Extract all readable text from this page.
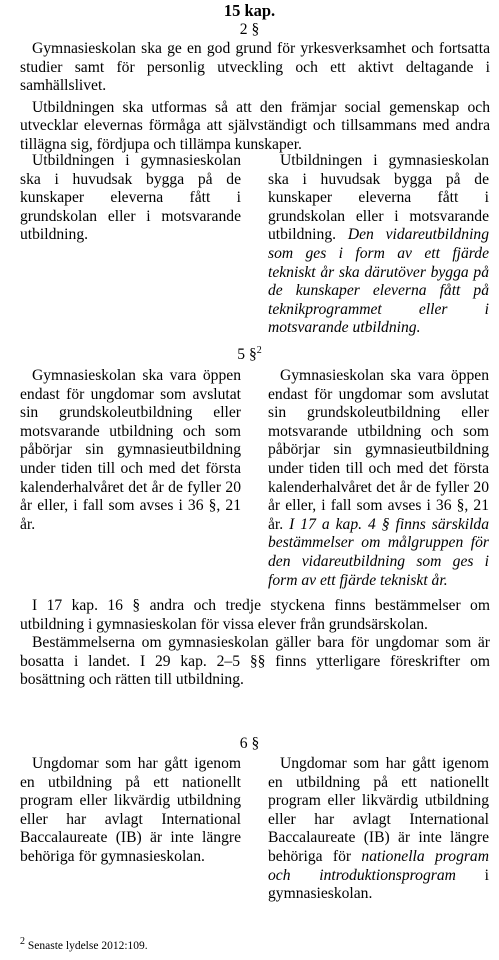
15 kap.
2 §

Gymnasieskolan ska ge en god grund för yrkesverksamhet och fortsatta studier samt för personlig utveckling och ett aktivt deltagande i samhällslivet.

Utbildningen ska utformas så att den främjar social gemenskap och utvecklar elevernas förmåga att självständigt och tillsammans med andra tillägna sig, fördjupa och tillämpa kunskaper.

Utbildningen i gymnasieskolan ska i huvudsak bygga på de kunskaper eleverna fått i grundskolan eller i motsvarande utbildning.

Utbildningen i gymnasieskolan ska i huvudsak bygga på de kunskaper eleverna fått i grundskolan eller i motsvarande utbildning. Den vidareutbildning som ges i form av ett fjärde tekniskt år ska därutöver bygga på de kunskaper eleverna fått på teknikprogrammet eller i motsvarande utbildning.

5 §$^2$

Gymnasieskolan ska vara öppen endast för ungdomar som avslutat sin grundskoleutbildning eller motsvarande utbildning och som påbörjar sin gymnasieutbildning under tiden till och med det första kalenderhalvåret det år de fyller 20 år eller, i fall som avses i 36 §, 21 år.

Gymnasieskolan ska vara öppen endast för ungdomar som avslutat sin grundskoleutbildning eller motsvarande utbildning och som påbörjar sin gymnasieutbildning under tiden till och med det första kalenderhalvåret det år de fyller 20 år eller, i fall som avses i 36 §, 21 år. I 17 a kap. 4 § finns särskilda bestämmelser om målgruppen för den vidareutbildning som ges i form av ett fjärde tekniskt år.

I 17 kap. 16 § andra och tredje styckena finns bestämmelser om utbildning i gymnasieskolan för vissa elever från grundsärskolan.

Bestämmelserna om gymnasieskolan gäller bara för ungdomar som är bosatta i landet. I 29 kap. 2–5 §§ finns ytterligare föreskrifter om bosättning och rätten till utbildning.

6 §

Ungdomar som har gått igenom en utbildning på ett nationellt program eller likvärdig utbildning eller har avlagt International Baccalaureate (IB) är inte längre behöriga för gymnasieskolan.

Ungdomar som har gått igenom en utbildning på ett nationellt program eller likvärdig utbildning eller har avlagt International Baccalaureate (IB) är inte längre behöriga för nationella program och introduktionsprogram i gymnasieskolan.

$^2$ Senaste lydelse 2012:109.
